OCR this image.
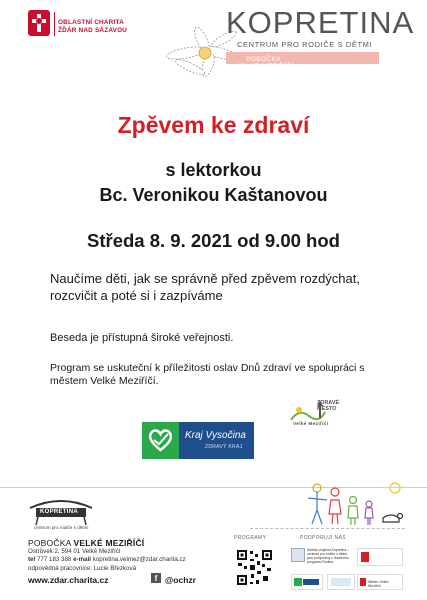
OBLASTNÍ CHARITA
ŽĎÁR NAD SÁZAVOU	KOPRETINA
CENTRUM PRO RODIČE S DĚTMI
POBOČKA
VELKÉ MEZIŘÍČÍ
Zpěvem ke zdraví
s lektorkou
Bc. Veronikou Kaštanovou
Středa 8. 9. 2021 od 9.00 hod
Naučíme děti, jak se správně před zpěvem rozdýchat, rozcvičit a poté si i zazpíváme
Beseda je přístupná široké veřejnosti.
Program se uskuteční k příležitosti oslav Dnů zdraví ve spolupráci s městem Velké Meziříčí.
ZDRAVÉ
MĚSTO
Velké Meziříčí
Kraj Vysočina
ZDRAVÝ KRAJ
KOPRETINA
centrum pro rodiče s dětmi
POBOČKA VELKÉ MEZIŘÍČÍ
Ostrůvek 2, 594 01 Velké Meziříčí
tel 777 183 388 e-mail kopretina.velmez@zdar.charita.cz
odpovědná pracovnice: Lucie Březková
www.zdar.charita.cz	f @ochzr
PROGRAMY	PODPORUJÍ NÁS
Aktivity projektu Kopretina – centrum pro rodiče s dětmi jsou podpořeny z dotačního programu Rodina
Město Velké Meziříčí
